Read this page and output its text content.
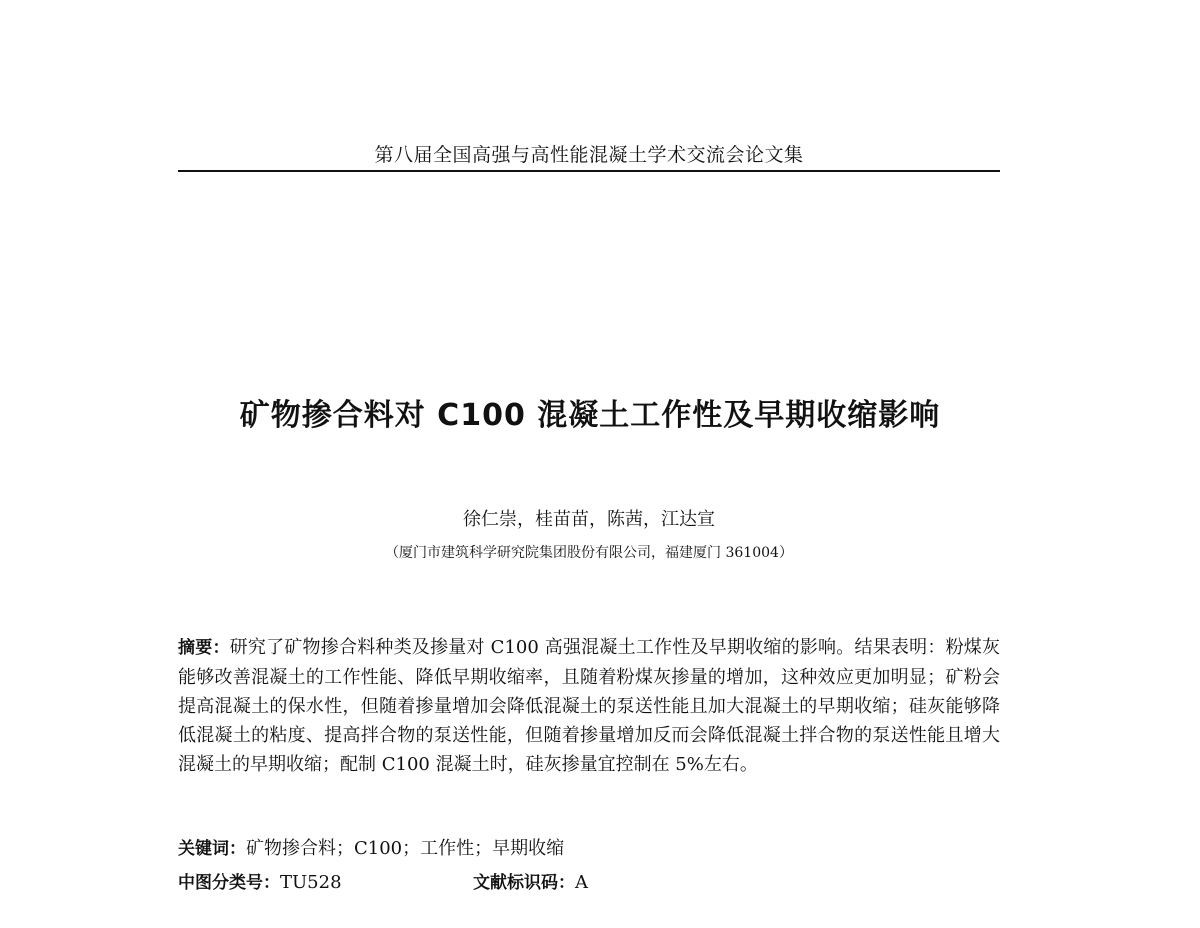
第八届全国高强与高性能混凝土学术交流会论文集
矿物掺合料对 C100 混凝土工作性及早期收缩影响
徐仁崇，桂苗苗，陈茜，江达宣
（厦门市建筑科学研究院集团股份有限公司，福建厦门 361004）
摘要：研究了矿物掺合料种类及掺量对 C100 高强混凝土工作性及早期收缩的影响。结果表明：粉煤灰能够改善混凝土的工作性能、降低早期收缩率，且随着粉煤灰掺量的增加，这种效应更加明显；矿粉会提高混凝土的保水性，但随着掺量增加会降低混凝土的泵送性能且加大混凝土的早期收缩；硅灰能够降低混凝土的粘度、提高拌合物的泵送性能，但随着掺量增加反而会降低混凝土拌合物的泵送性能且增大混凝土的早期收缩；配制 C100 混凝土时，硅灰掺量宜控制在 5%左右。
关键词：矿物掺合料；C100；工作性；早期收缩
中图分类号：TU528	文献标识码：A
